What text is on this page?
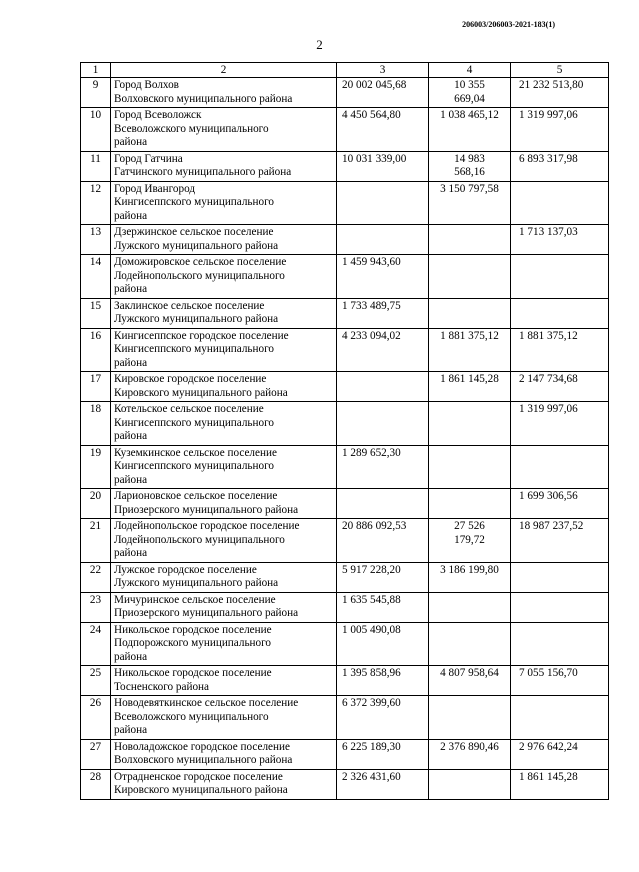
206003/206003-2021-183(1)
2
1	2	3	4	5
9	Город Волхов
Волховского муниципального района	20 002 045,68	10 355
669,04	21 232 513,80
10	Город Всеволожск
Всеволожского муниципального
района	4 450 564,80	1 038 465,12	1 319 997,06
11	Город Гатчина
Гатчинского муниципального района	10 031 339,00	14 983
568,16	6 893 317,98
12	Город Ивангород
Кингисеппского муниципального
района		3 150 797,58	

13	Дзержинское сельское поселение
Лужского муниципального района			1 713 137,03
14	Доможировское сельское поселение
Лодейнопольского муниципального
района	1 459 943,60	

15	Заклинское сельское поселение
Лужского муниципального района	1 733 489,75	

16	Кингисеппское городское поселение
Кингисеппского муниципального
района	4 233 094,02	1 881 375,12	1 881 375,12
17	Кировское городское поселение
Кировского муниципального района		1 861 145,28	2 147 734,68
18	Котельское сельское поселение
Кингисеппского муниципального
района			1 319 997,06
19	Куземкинское сельское поселение
Кингисеппского муниципального
района	1 289 652,30	

20	Ларионовское сельское поселение
Приозерского муниципального района			1 699 306,56
21	Лодейнопольское городское поселение
Лодейнопольского муниципального
района	20 886 092,53	27 526
179,72	18 987 237,52
22	Лужское городское поселение
Лужского муниципального района	5 917 228,20	3 186 199,80	

23	Мичуринское сельское поселение
Приозерского муниципального района	1 635 545,88	

24	Никольское городское поселение
Подпорожского муниципального
района	1 005 490,08	

25	Никольское городское поселение
Тосненского района	1 395 858,96	4 807 958,64	7 055 156,70
26	Новодевяткинское сельское поселение
Всеволожского муниципального
района	6 372 399,60	

27	Новоладожское городское поселение
Волховского муниципального района	6 225 189,30	2 376 890,46	2 976 642,24
28	Отрадненское городское поселение
Кировского муниципального района	2 326 431,60		1 861 145,28
